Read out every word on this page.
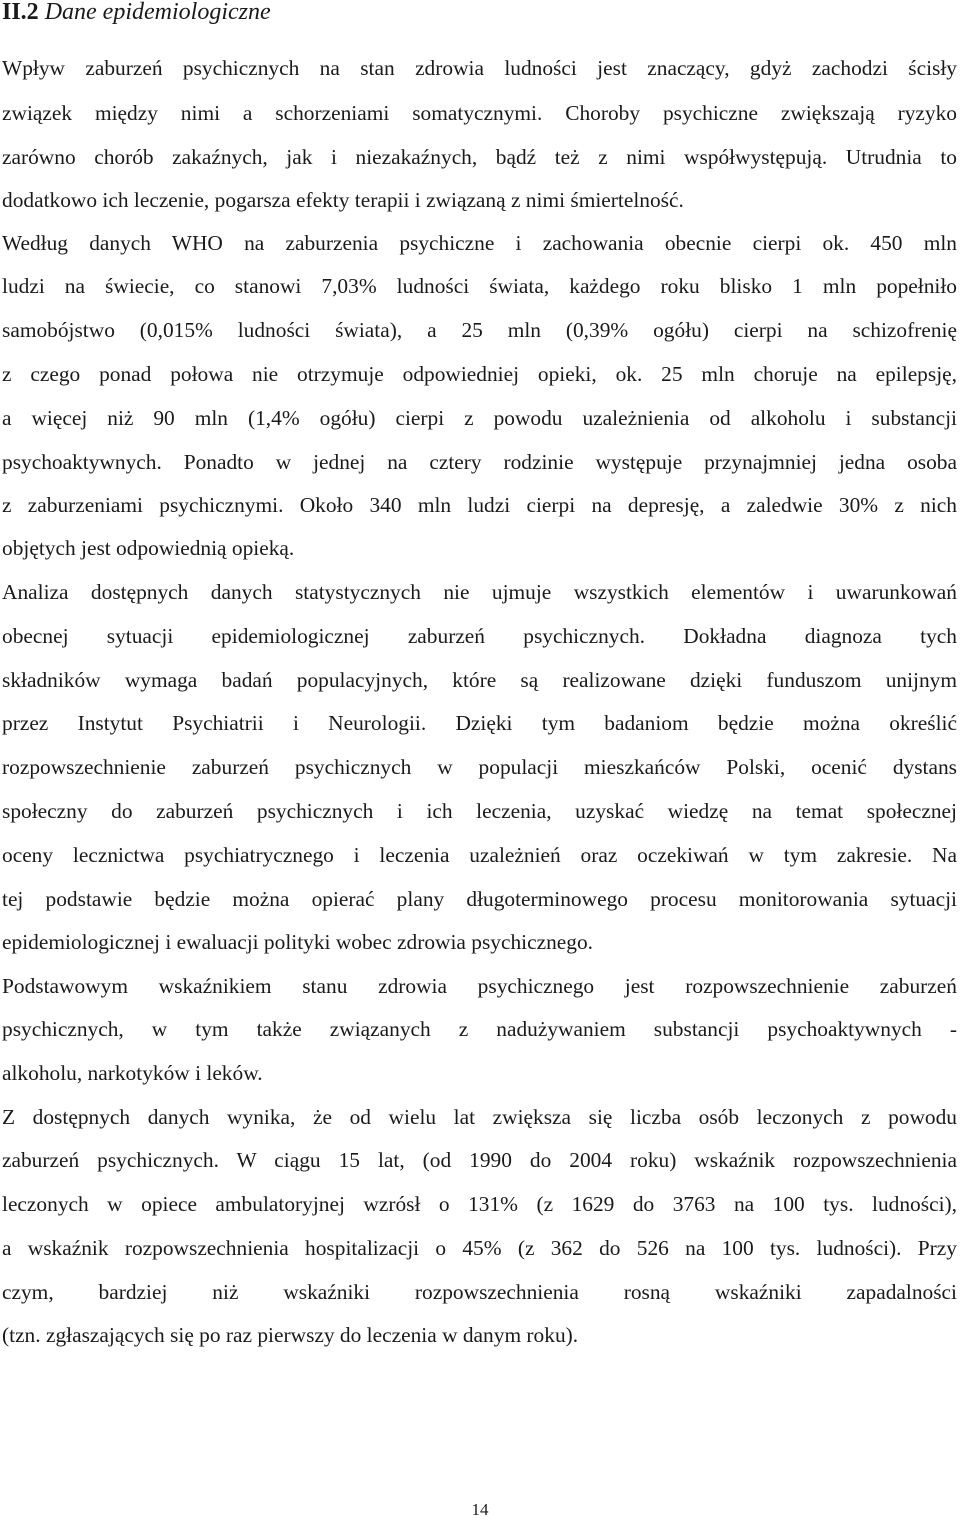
II.2 Dane epidemiologiczne
Wpływ zaburzeń psychicznych na stan zdrowia ludności jest znaczący, gdyż zachodzi ścisły
związek między nimi a schorzeniami somatycznymi. Choroby psychiczne zwiększają ryzyko
zarówno chorób zakaźnych, jak i niezakaźnych, bądź też z nimi współwystępują. Utrudnia to
dodatkowo ich leczenie, pogarsza efekty terapii i związaną z nimi śmiertelność.
Według danych WHO na zaburzenia psychiczne i zachowania obecnie cierpi ok. 450 mln
ludzi na świecie, co stanowi 7,03% ludności świata, każdego roku blisko 1 mln popełniło
samobójstwo (0,015% ludności świata), a 25 mln (0,39% ogółu) cierpi na schizofrenię
z czego ponad połowa nie otrzymuje odpowiedniej opieki, ok. 25 mln choruje na epilepsję,
a więcej niż 90 mln (1,4% ogółu) cierpi z powodu uzależnienia od alkoholu i substancji
psychoaktywnych. Ponadto w jednej na cztery rodzinie występuje przynajmniej jedna osoba
z zaburzeniami psychicznymi. Około 340 mln ludzi cierpi na depresję, a zaledwie 30% z nich
objętych jest odpowiednią opieką.
Analiza dostępnych danych statystycznych nie ujmuje wszystkich elementów i uwarunkowań
obecnej sytuacji epidemiologicznej zaburzeń psychicznych. Dokładna diagnoza tych
składników wymaga badań populacyjnych, które są realizowane dzięki funduszom unijnym
przez Instytut Psychiatrii i Neurologii. Dzięki tym badaniom będzie można określić
rozpowszechnienie zaburzeń psychicznych w populacji mieszkańców Polski, ocenić dystans
społeczny do zaburzeń psychicznych i ich leczenia, uzyskać wiedzę na temat społecznej
oceny lecznictwa psychiatrycznego i leczenia uzależnień oraz oczekiwań w tym zakresie. Na
tej podstawie będzie można opierać plany długoterminowego procesu monitorowania sytuacji
epidemiologicznej i ewaluacji polityki wobec zdrowia psychicznego.
Podstawowym wskaźnikiem stanu zdrowia psychicznego jest rozpowszechnienie zaburzeń
psychicznych, w tym także związanych z nadużywaniem substancji psychoaktywnych -
alkoholu, narkotyków i leków.
Z dostępnych danych wynika, że od wielu lat zwiększa się liczba osób leczonych z powodu
zaburzeń psychicznych. W ciągu 15 lat, (od 1990 do 2004 roku) wskaźnik rozpowszechnienia
leczonych w opiece ambulatoryjnej wzrósł o 131% (z 1629 do 3763 na 100 tys. ludności),
a wskaźnik rozpowszechnienia hospitalizacji o 45% (z 362 do 526 na 100 tys. ludności). Przy
czym, bardziej niż wskaźniki rozpowszechnienia rosną wskaźniki zapadalności
(tzn. zgłaszających się po raz pierwszy do leczenia w danym roku).
14
